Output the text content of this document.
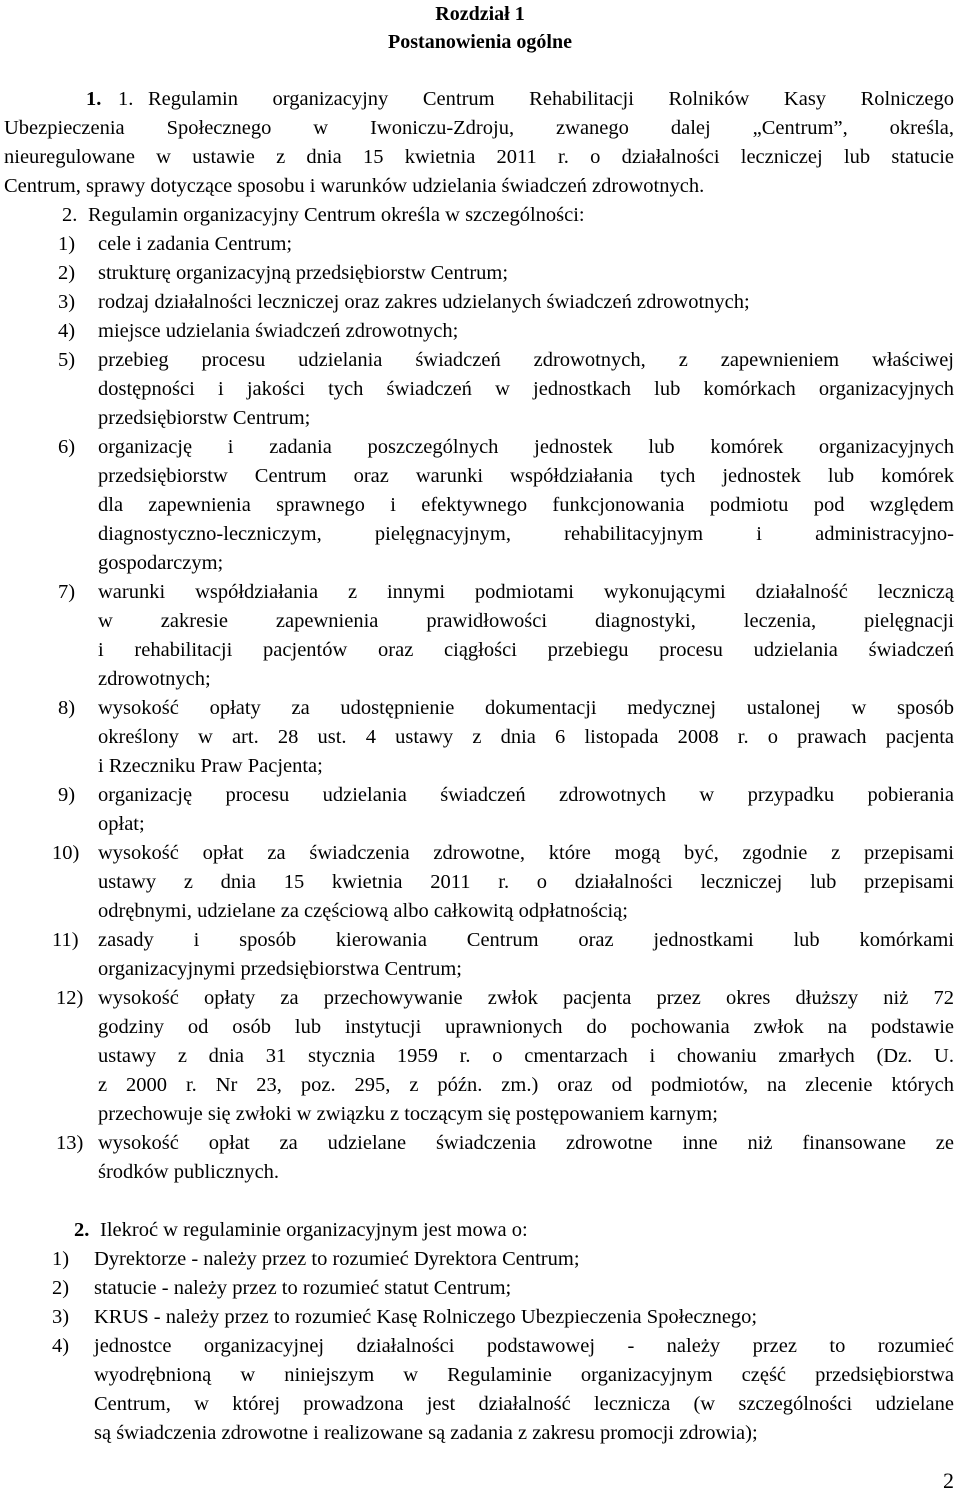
Rozdział 1
Postanowienia ogólne
1. 1. Regulamin organizacyjny Centrum Rehabilitacji Rolników Kasy Rolniczego
Ubezpieczenia Społecznego w Iwoniczu-Zdroju, zwanego dalej „Centrum”, określa,
nieuregulowane w ustawie z dnia 15 kwietnia 2011 r. o działalności leczniczej lub statucie
Centrum, sprawy dotyczące sposobu i warunków udzielania świadczeń zdrowotnych.
2. Regulamin organizacyjny Centrum określa w szczególności:
1) cele i zadania Centrum;
2) strukturę organizacyjną przedsiębiorstw Centrum;
3) rodzaj działalności leczniczej oraz zakres udzielanych świadczeń zdrowotnych;
4) miejsce udzielania świadczeń zdrowotnych;
5) przebieg procesu udzielania świadczeń zdrowotnych, z zapewnieniem właściwej
dostępności i jakości tych świadczeń w jednostkach lub komórkach organizacyjnych
przedsiębiorstw Centrum;
6) organizację i zadania poszczególnych jednostek lub komórek organizacyjnych
przedsiębiorstw Centrum oraz warunki współdziałania tych jednostek lub komórek
dla zapewnienia sprawnego i efektywnego funkcjonowania podmiotu pod względem
diagnostyczno-leczniczym, pielęgnacyjnym, rehabilitacyjnym i administracyjno-
gospodarczym;
7) warunki współdziałania z innymi podmiotami wykonującymi działalność leczniczą
w zakresie zapewnienia prawidłowości diagnostyki, leczenia, pielęgnacji
i rehabilitacji pacjentów oraz ciągłości przebiegu procesu udzielania świadczeń
zdrowotnych;
8) wysokość opłaty za udostępnienie dokumentacji medycznej ustalonej w sposób
określony w art. 28 ust. 4 ustawy z dnia 6 listopada 2008 r. o prawach pacjenta
i Rzeczniku Praw Pacjenta;
9) organizację procesu udzielania świadczeń zdrowotnych w przypadku pobierania
opłat;
10) wysokość opłat za świadczenia zdrowotne, które mogą być, zgodnie z przepisami
ustawy z dnia 15 kwietnia 2011 r. o działalności leczniczej lub przepisami
odrębnymi, udzielane za częściową albo całkowitą odpłatnością;
11) zasady i sposób kierowania Centrum oraz jednostkami lub komórkami
organizacyjnymi przedsiębiorstwa Centrum;
12) wysokość opłaty za przechowywanie zwłok pacjenta przez okres dłuższy niż 72
godziny od osób lub instytucji uprawnionych do pochowania zwłok na podstawie
ustawy z dnia 31 stycznia 1959 r. o cmentarzach i chowaniu zmarłych (Dz. U.
z 2000 r. Nr 23, poz. 295, z późn. zm.) oraz od podmiotów, na zlecenie których
przechowuje się zwłoki w związku z toczącym się postępowaniem karnym;
13) wysokość opłat za udzielane świadczenia zdrowotne inne niż finansowane ze
środków publicznych.
2. Ilekroć w regulaminie organizacyjnym jest mowa o:
1) Dyrektorze - należy przez to rozumieć Dyrektora Centrum;
2) statucie - należy przez to rozumieć statut Centrum;
3) KRUS - należy przez to rozumieć Kasę Rolniczego Ubezpieczenia Społecznego;
4) jednostce organizacyjnej działalności podstawowej - należy przez to rozumieć
wyodrębnioną w niniejszym w Regulaminie organizacyjnym część przedsiębiorstwa
Centrum, w której prowadzona jest działalność lecznicza (w szczególności udzielane
są świadczenia zdrowotne i realizowane są zadania z zakresu promocji zdrowia);
2
